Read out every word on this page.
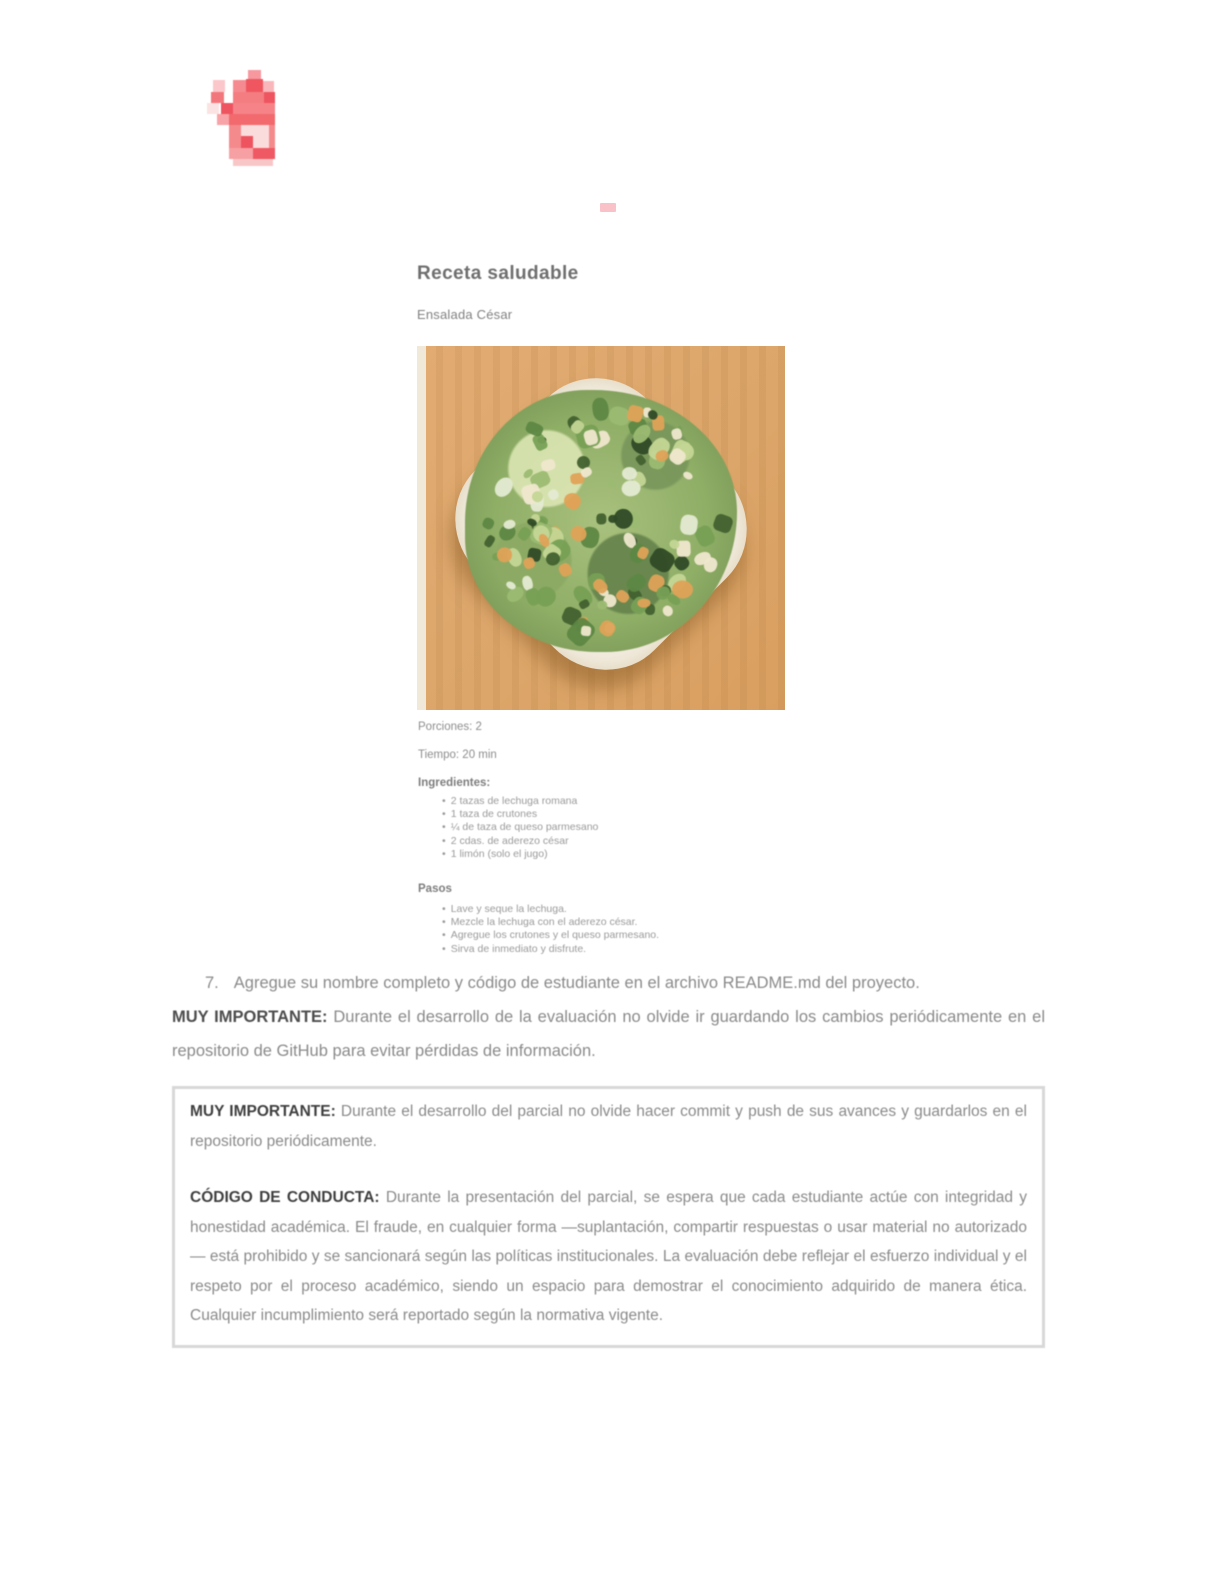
Receta saludable
Ensalada César
Porciones: 2
Tiempo: 20 min
Ingredientes:
• 2 tazas de lechuga romana
• 1 taza de crutones
• ¼ de taza de queso parmesano
• 2 cdas. de aderezo césar
• 1 limón (solo el jugo)
Pasos
• Lave y seque la lechuga.
• Mezcle la lechuga con el aderezo césar.
• Agregue los crutones y el queso parmesano.
• Sirva de inmediato y disfrute.

7. Agregue su nombre completo y código de estudiante en el archivo README.md del proyecto.

MUY IMPORTANTE: Durante el desarrollo de la evaluación no olvide ir guardando los cambios periódicamente en el repositorio de GitHub para evitar pérdidas de información.

MUY IMPORTANTE: Durante el desarrollo del parcial no olvide hacer commit y push de sus avances y guardarlos en el repositorio periódicamente.

CÓDIGO DE CONDUCTA: Durante la presentación del parcial, se espera que cada estudiante actúe con integridad y honestidad académica. El fraude, en cualquier forma —suplantación, compartir respuestas o usar material no autorizado— está prohibido y se sancionará según las políticas institucionales. La evaluación debe reflejar el esfuerzo individual y el respeto por el proceso académico, siendo un espacio para demostrar el conocimiento adquirido de manera ética. Cualquier incumplimiento será reportado según la normativa vigente.
